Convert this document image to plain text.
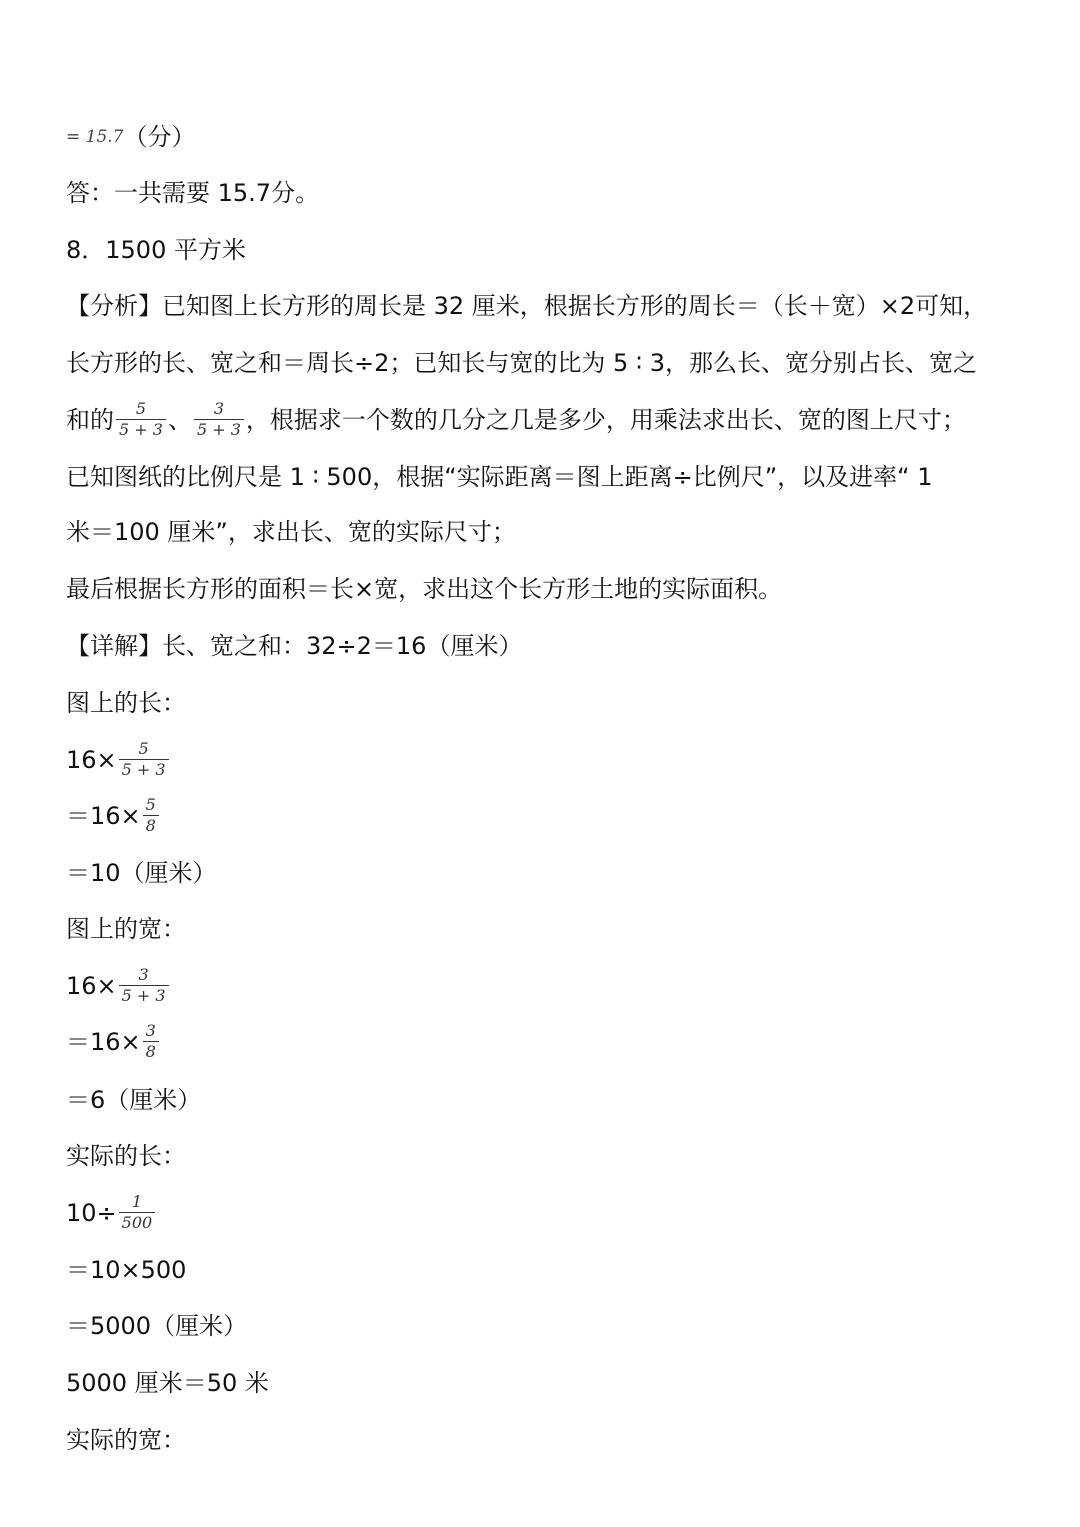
= 15.7 （分）
答：一共需要 15.7分。
8．1500 平方米
【分析】已知图上长方形的周长是 32 厘米，根据长方形的周长＝（长＋宽）×2可知，
长方形的长、宽之和＝周长÷2；已知长与宽的比为 5 ∶ 3，那么长、宽分别占长、宽之
和的 $\frac{5}{5 + 3}$ 、 $\frac{3}{5 + 3}$ ，根据求一个数的几分之几是多少，用乘法求出长、宽的图上尺寸；
已知图纸的比例尺是 1 ∶ 500，根据“实际距离＝图上距离÷比例尺”，以及进率“ 1
米＝100 厘米”，求出长、宽的实际尺寸；
最后根据长方形的面积＝长×宽，求出这个长方形土地的实际面积。
【详解】长、宽之和：32÷2＝16（厘米）
图上的长：
$16\times \frac{5}{5 + 3}$
$=16\times \frac{5}{8}$
＝10（厘米）
图上的宽：
$16\times \frac{3}{5 + 3}$
$=16\times \frac{3}{8}$
＝6（厘米）
实际的长：
$10\div \frac{1}{500}$
＝10×500
＝5000（厘米）
5000 厘米＝50 米
实际的宽：
